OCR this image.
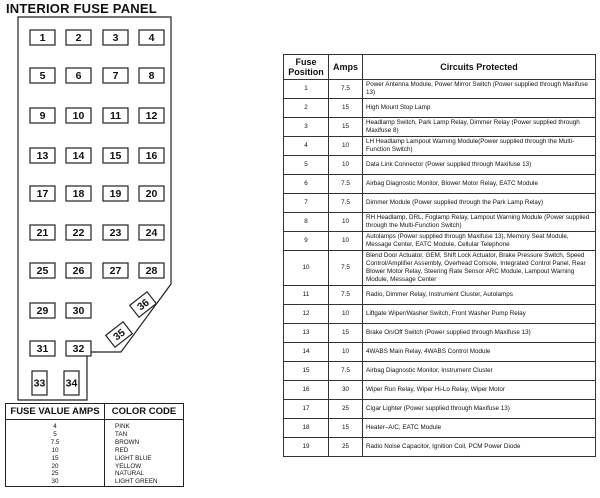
INTERIOR FUSE PANEL
1	2	3	4
5	6	7	8
9	10 11 12
13 14 15 16
17 18 19 20
21 22 23 24
25 26 27 28
29 30
31 32
33 34
35
36
FUSE VALUE AMPS	COLOR CODE
4	PINK
5	TAN
7.5	BROWN
10	RED
15	LIGHT BLUE
20	YELLOW
25	NATURAL
30	LIGHT GREEN
Fuse Position	Amps	Circuits Protected
1	7.5	Power Antenna Module, Power Mirror Switch (Power supplied through Maxifuse 13)
2	15	High Mount Stop Lamp
3	15	Headlamp Switch, Park Lamp Relay, Dimmer Relay (Power supplied through Maxifuse 8)
4	10	LH Headlamp Lampout Warning Module(Power supplied through the Multi-Function Switch)
5	10	Data Link Connector (Power supplied through Maxifuse 13)
6	7.5	Airbag Diagnostic Monitor, Blower Motor Relay, EATC Module
7	7.5	Dimmer Module (Power supplied through the Park Lamp Relay)
8	10	RH Headlamp, DRL, Foglamp Relay, Lampout Warning Module (Power supplied through the Multi-Function Switch)
9	10	Autolamps (Power supplied through Maxifuse 13), Memory Seat Module, Message Center, EATC Module, Cellular Telephone
10	7.5	Blend Door Actuator, GEM, Shift Lock Actuator, Brake Pressure Switch, Speed Control/Amplifier Assembly, Overhead Console, Integrated Control Panel, Rear Blower Motor Relay, Steering Rate Sensor ARC Module, Lampout Warning Module, Message Center
11	7.5	Radio, Dimmer Relay, Instrument Cluster, Autolamps
12	10	Liftgate Wiper/Washer Switch, Front Washer Pump Relay
13	15	Brake On/Off Switch (Power supplied through Maxifuse 13)
14	10	4WABS Main Relay, 4WABS Control Module
15	7.5	Airbag Diagnostic Monitor, Instrument Cluster
16	30	Wiper Run Relay, Wiper Hi-Lo Relay, Wiper Motor
17	25	Cigar Lighter (Power supplied through Maxifuse 13)
18	15	Heater–A/C, EATC Module
19	25	Radio Noise Capacitor, Ignition Coil, PCM Power Diode
